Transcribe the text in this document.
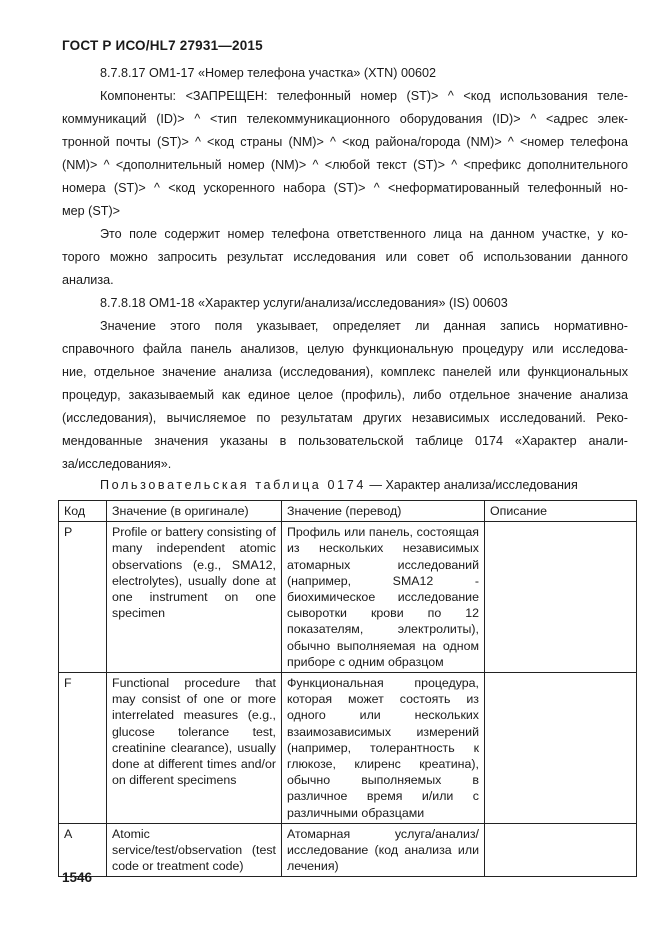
ГОСТ Р ИСО/HL7 27931—2015
8.7.8.17 ОМ1-17 «Номер телефона участка» (XTN) 00602
Компоненты: <ЗАПРЕЩЕН: телефонный номер (ST)> ^ <код использования теле-
коммуникаций (ID)> ^ <тип телекоммуникационного оборудования (ID)> ^ <адрес элек-
тронной почты (ST)> ^ <код страны (NM)> ^ <код района/города (NM)> ^ <номер телефона
(NM)> ^ <дополнительный номер (NM)> ^ <любой текст (ST)> ^ <префикс дополнительного
номера (ST)> ^ <код ускоренного набора (ST)> ^ <неформатированный телефонный но-
мер (ST)>
Это поле содержит номер телефона ответственного лица на данном участке, у ко-
торого можно запросить результат исследования или совет об использовании данного
анализа.
8.7.8.18 ОМ1-18 «Характер услуги/анализа/исследования» (IS) 00603
Значение этого поля указывает, определяет ли данная запись нормативно-
справочного файла панель анализов, целую функциональную процедуру или исследова-
ние, отдельное значение анализа (исследования), комплекс панелей или функциональных
процедур, заказываемый как единое целое (профиль), либо отдельное значение анализа
(исследования), вычисляемое по результатам других независимых исследований. Реко-
мендованные значения указаны в пользовательской таблице 0174 «Характер анали-
за/исследования».
Пользовательская таблица 0174 — Характер анализа/исследования
Код	Значение (в оригинале)	Значение (перевод)	Описание
P	Profile or battery consisting of many independent atomic observations (e.g., SMA12, electrolytes), usually done at one instrument on one specimen	Профиль или панель, состоящая из нескольких независимых атомарных исследований (например, SMA12 - биохимическое исследование сыворотки крови по 12 показателям, электролиты), обычно выполняемая на одном приборе с одним образцом	
F	Functional procedure that may consist of one or more interrelated measures (e.g., glucose tolerance test, creatinine clearance), usually done at different times and/or on different specimens	Функциональная процедура, которая может состоять из одного или нескольких взаимозависимых измерений (например, толерантность к глюкозе, клиренс креатина), обычно выполняемых в различное время и/или с различными образцами	
A	Atomic service/test/observation (test code or treatment code)	Атомарная услуга/анализ/исследование (код анализа или лечения)	
1546
